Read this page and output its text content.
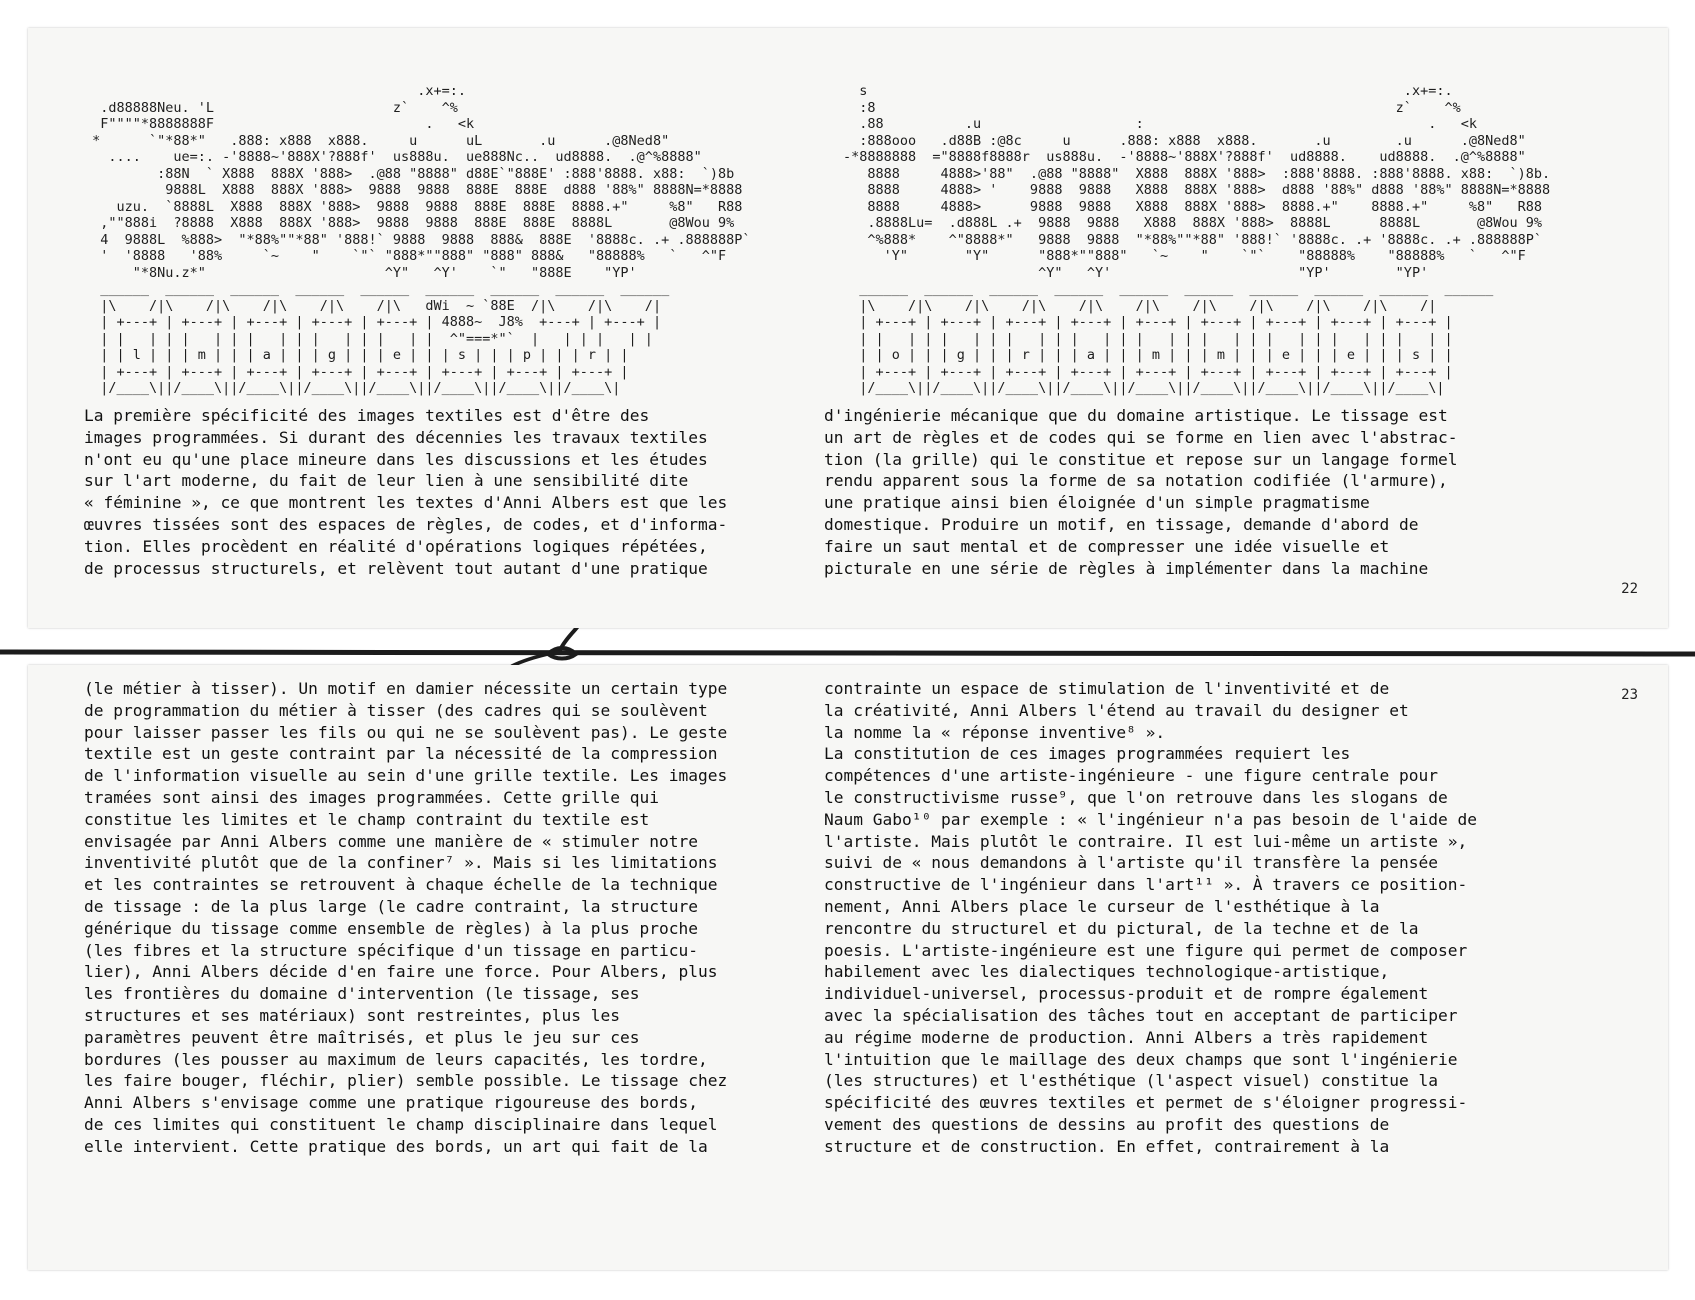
.x+=:.
.d88888Neu. 'L                      z`    ^%
F""""*8888888F                          .   <k
*      `"*88*"   .888: x888  x888.     u      uL       .u      .@8Ned8"
....    ue=:. -'8888~'888X'?888f'  us888u.  ue888Nc..  ud8888.  .@^%8888"
:88N  ` X888  888X '888>  .@88 "8888" d88E`"888E' :888'8888. x88:  `)8b
9888L  X888  888X '888>  9888  9888  888E  888E  d888 '88%" 8888N=*8888
uzu.  `8888L  X888  888X '888>  9888  9888  888E  888E  8888.+"     %8"   R88
,""888i  ?8888  X888  888X '888>  9888  9888  888E  888E  8888L       @8Wou 9%
4  9888L  %888>  "*88%""*88" '888!` 9888  9888  888&  888E  '8888c. .+ .888888P`
'  '8888   '88%     `~    "    `"` "888*""888" "888" 888&   "88888%   `   ^"F
"*8Nu.z*"                      ^Y"   ^Y'    `"   "888E    "YP'
______  ______  ______  ______  ______  ______  ______  ______  ______
|\    /|\    /|\    /|\    /|\    /|\   dWi  ~ `88E  /|\    /|\    /|
| +---+ | +---+ | +---+ | +---+ | +---+ | 4888~  J8%  +---+ | +---+ |
| |   | | |   | | |   | | |   | | |   | |  ^"===*"`  |   | | |   | |
| | l | | | m | | | a | | | g | | | e | | | s | | | p | | | r | |
| +---+ | +---+ | +---+ | +---+ | +---+ | +---+ | +---+ | +---+ |
|/____\||/____\||/____\||/____\||/____\||/____\||/____\||/____\|
s                                                                  .x+=:.
:8                                                                z`    ^%
.88          .u                   :                                   .   <k
:888ooo   .d88B :@8c     u      .888: x888  x888.       .u        .u      .@8Ned8"
-*8888888  ="8888f8888r  us888u.  -'8888~'888X'?888f'  ud8888.    ud8888.  .@^%8888"
8888     4888>'88"  .@88 "8888"  X888  888X '888>  :888'8888. :888'8888. x88:  `)8b.
8888     4888> '    9888  9888   X888  888X '888>  d888 '88%" d888 '88%" 8888N=*8888
8888     4888>      9888  9888   X888  888X '888>  8888.+"    8888.+"     %8"   R88
.8888Lu=  .d888L .+  9888  9888   X888  888X '888>  8888L      8888L       @8Wou 9%
^%888*    ^"8888*"   9888  9888  "*88%""*88" '888!` '8888c. .+ '8888c. .+ .888888P`
'Y"       "Y"      "888*""888"   `~    "    `"`    "88888%    "88888%   `   ^"F
^Y"   ^Y'                       "YP'        "YP'
______  ______  ______  ______  ______  ______  ______  ______  ______  ______
|\    /|\    /|\    /|\    /|\    /|\    /|\    /|\    /|\    /|\    /|
| +---+ | +---+ | +---+ | +---+ | +---+ | +---+ | +---+ | +---+ | +---+ |
| |   | | |   | | |   | | |   | | |   | | |   | | |   | | |   | | |   | |
| | o | | | g | | | r | | | a | | | m | | | m | | | e | | | e | | | s | |
| +---+ | +---+ | +---+ | +---+ | +---+ | +---+ | +---+ | +---+ | +---+ |
|/____\||/____\||/____\||/____\||/____\||/____\||/____\||/____\||/____\|
La première spécificité des images textiles est d'être des
images programmées. Si durant des décennies les travaux textiles
n'ont eu qu'une place mineure dans les discussions et les études
sur l'art moderne, du fait de leur lien à une sensibilité dite
« féminine », ce que montrent les textes d'Anni Albers est que les
œuvres tissées sont des espaces de règles, de codes, et d'informa-
tion. Elles procèdent en réalité d'opérations logiques répétées,
de processus structurels, et relèvent tout autant d'une pratique
d'ingénierie mécanique que du domaine artistique. Le tissage est
un art de règles et de codes qui se forme en lien avec l'abstrac-
tion (la grille) qui le constitue et repose sur un langage formel
rendu apparent sous la forme de sa notation codifiée (l'armure),
une pratique ainsi bien éloignée d'un simple pragmatisme
domestique. Produire un motif, en tissage, demande d'abord de
faire un saut mental et de compresser une idée visuelle et
picturale en une série de règles à implémenter dans la machine
22
23
(le métier à tisser). Un motif en damier nécessite un certain type
de programmation du métier à tisser (des cadres qui se soulèvent
pour laisser passer les fils ou qui ne se soulèvent pas). Le geste
textile est un geste contraint par la nécessité de la compression
de l'information visuelle au sein d'une grille textile. Les images
tramées sont ainsi des images programmées. Cette grille qui
constitue les limites et le champ contraint du textile est
envisagée par Anni Albers comme une manière de « stimuler notre
inventivité plutôt que de la confiner⁷ ». Mais si les limitations
et les contraintes se retrouvent à chaque échelle de la technique
de tissage : de la plus large (le cadre contraint, la structure
générique du tissage comme ensemble de règles) à la plus proche
(les fibres et la structure spécifique d'un tissage en particu-
lier), Anni Albers décide d'en faire une force. Pour Albers, plus
les frontières du domaine d'intervention (le tissage, ses
structures et ses matériaux) sont restreintes, plus les
paramètres peuvent être maîtrisés, et plus le jeu sur ces
bordures (les pousser au maximum de leurs capacités, les tordre,
les faire bouger, fléchir, plier) semble possible. Le tissage chez
Anni Albers s'envisage comme une pratique rigoureuse des bords,
de ces limites qui constituent le champ disciplinaire dans lequel
elle intervient. Cette pratique des bords, un art qui fait de la
contrainte un espace de stimulation de l'inventivité et de
la créativité, Anni Albers l'étend au travail du designer et
la nomme la « réponse inventive⁸ ».
La constitution de ces images programmées requiert les
compétences d'une artiste-ingénieure - une figure centrale pour
le constructivisme russe⁹, que l'on retrouve dans les slogans de
Naum Gabo¹⁰ par exemple : « l'ingénieur n'a pas besoin de l'aide de
l'artiste. Mais plutôt le contraire. Il est lui-même un artiste »,
suivi de « nous demandons à l'artiste qu'il transfère la pensée
constructive de l'ingénieur dans l'art¹¹ ». À travers ce position-
nement, Anni Albers place le curseur de l'esthétique à la
rencontre du structurel et du pictural, de la techne et de la
poesis. L'artiste-ingénieure est une figure qui permet de composer
habilement avec les dialectiques technologique-artistique,
individuel-universel, processus-produit et de rompre également
avec la spécialisation des tâches tout en acceptant de participer
au régime moderne de production. Anni Albers a très rapidement
l'intuition que le maillage des deux champs que sont l'ingénierie
(les structures) et l'esthétique (l'aspect visuel) constitue la
spécificité des œuvres textiles et permet de s'éloigner progressi-
vement des questions de dessins au profit des questions de
structure et de construction. En effet, contrairement à la
